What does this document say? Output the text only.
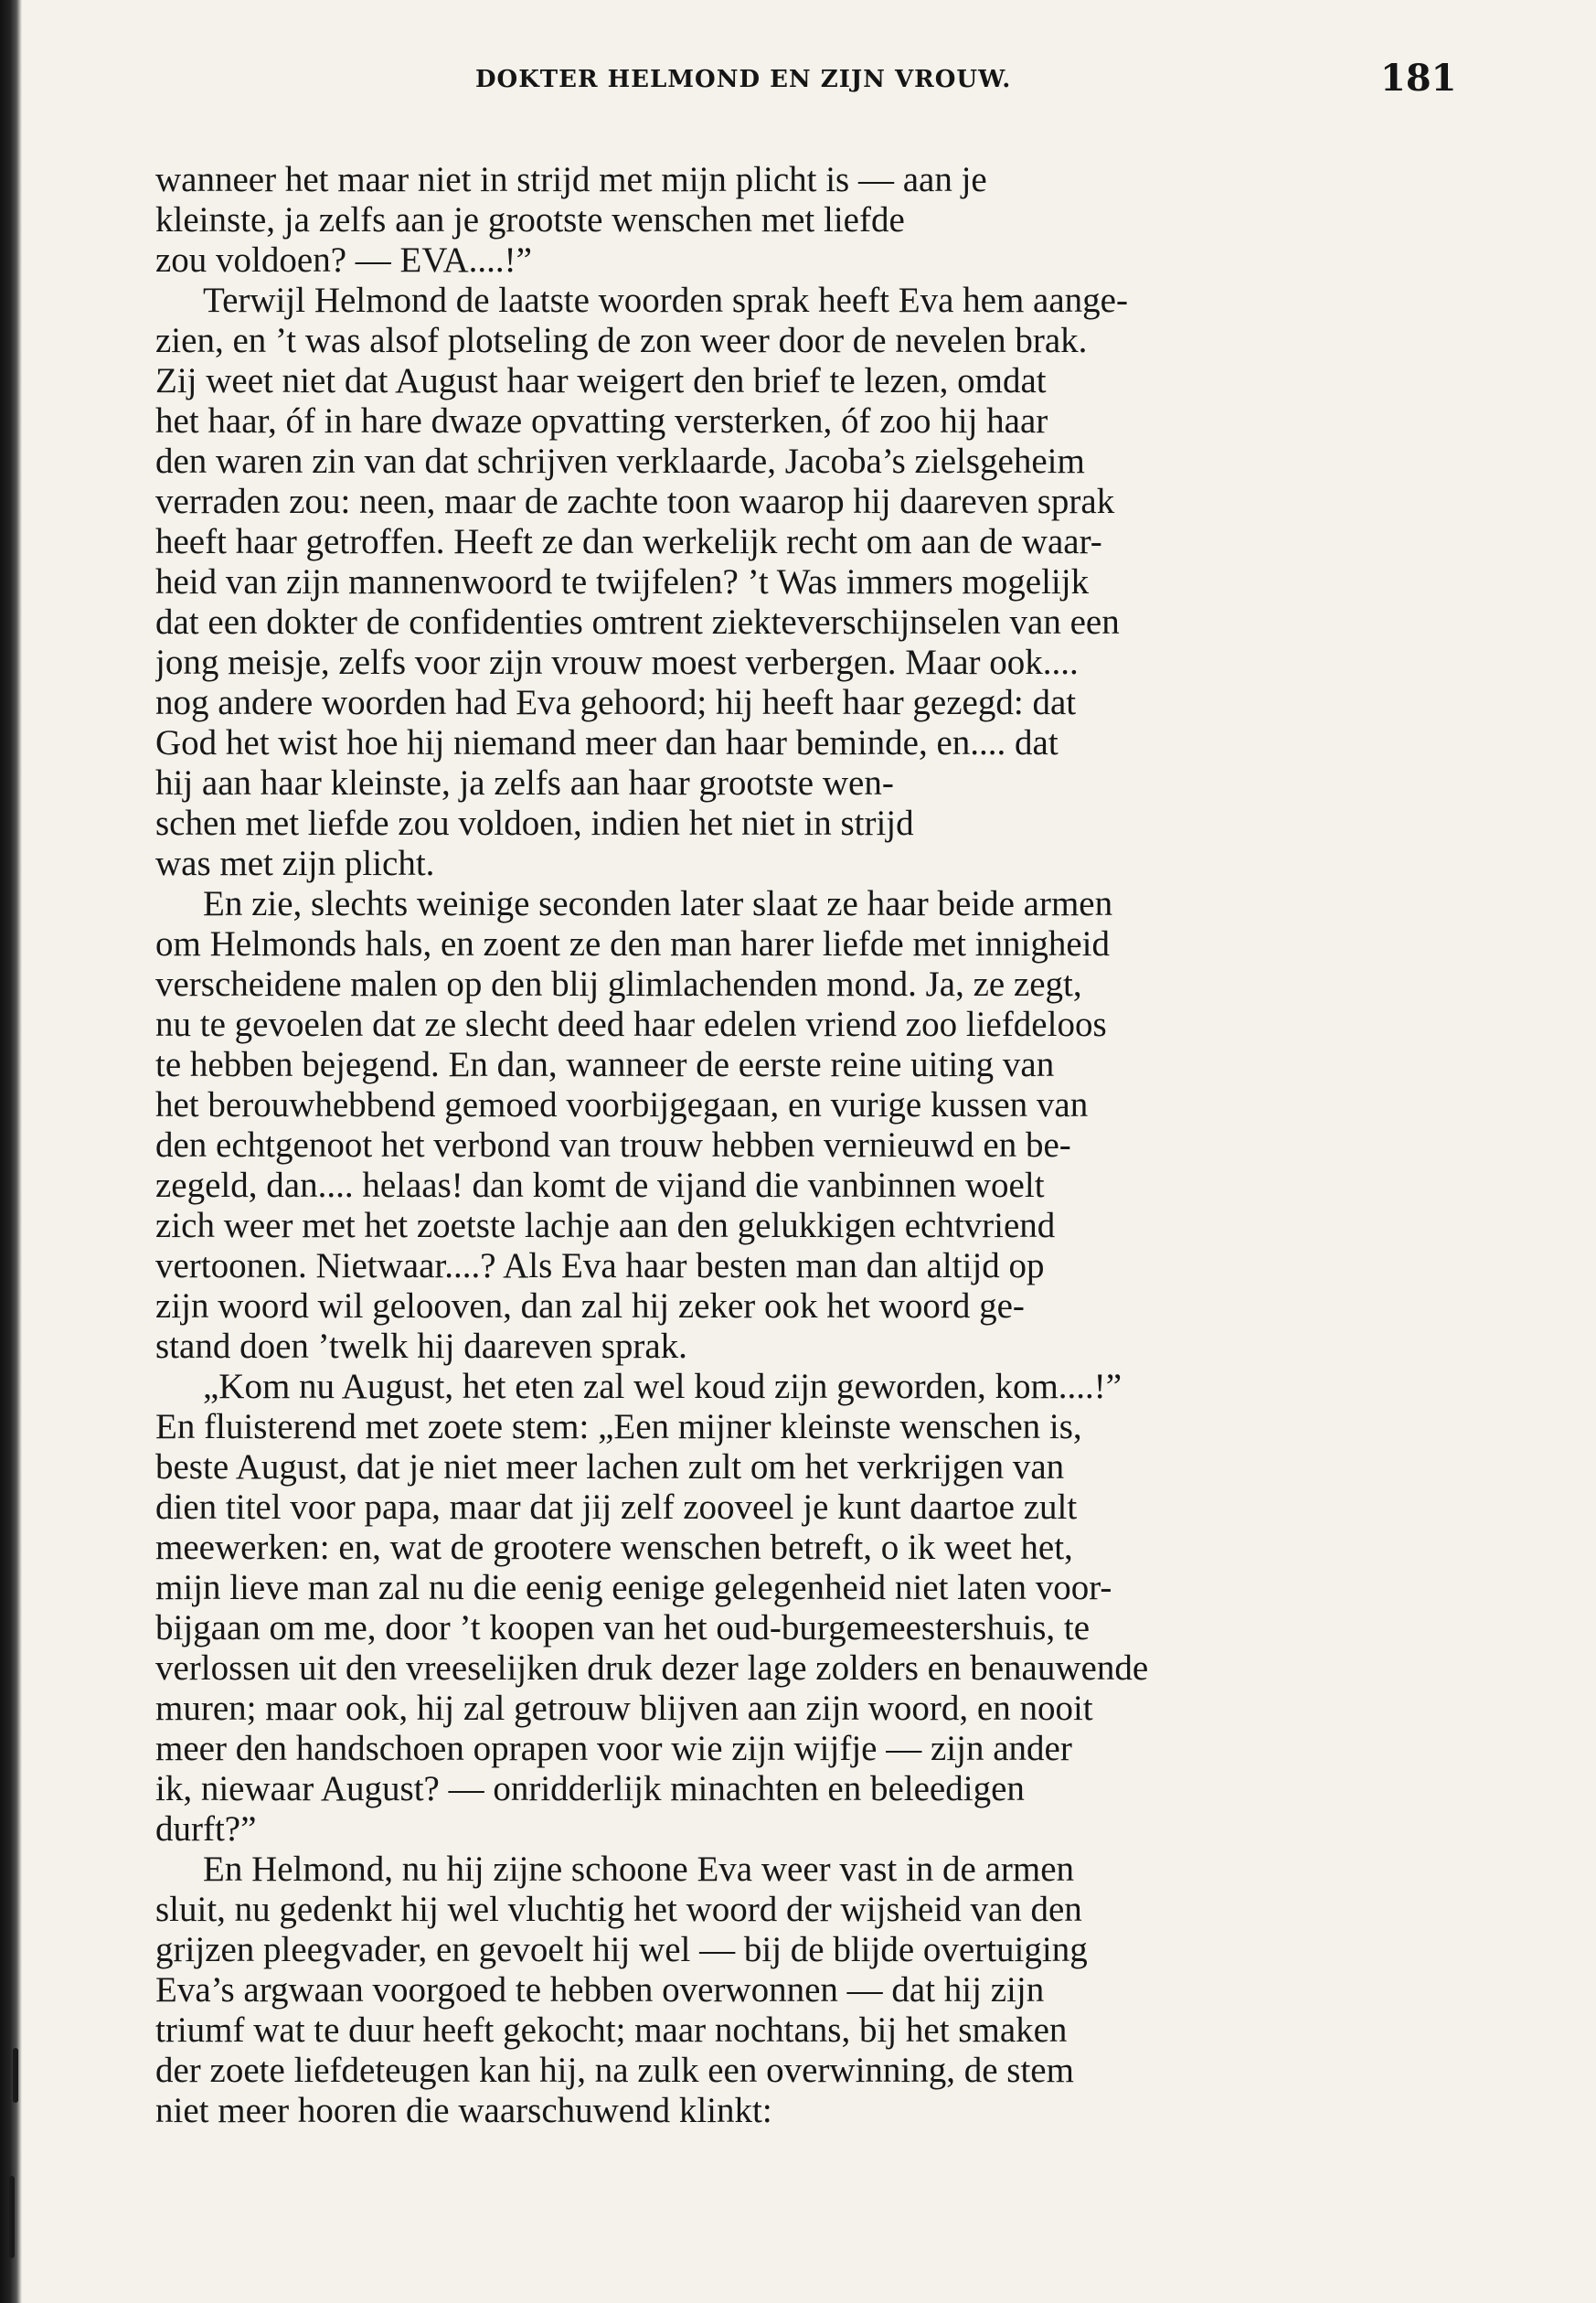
DOKTER HELMOND EN ZIJN VROUW.	181
wanneer het maar niet in strijd met mijn plicht is — aan je
kleinste, ja zelfs aan je grootste wenschen met liefde
zou voldoen? — EVA....!”
Terwijl Helmond de laatste woorden sprak heeft Eva hem aange-
zien, en ’t was alsof plotseling de zon weer door de nevelen brak.
Zij weet niet dat August haar weigert den brief te lezen, omdat
het haar, óf in hare dwaze opvatting versterken, óf zoo hij haar
den waren zin van dat schrijven verklaarde, Jacoba’s zielsgeheim
verraden zou: neen, maar de zachte toon waarop hij daareven sprak
heeft haar getroffen. Heeft ze dan werkelijk recht om aan de waar-
heid van zijn mannenwoord te twijfelen? ’t Was immers mogelijk
dat een dokter de confidenties omtrent ziekteverschijnselen van een
jong meisje, zelfs voor zijn vrouw moest verbergen. Maar ook....
nog andere woorden had Eva gehoord; hij heeft haar gezegd: dat
God het wist hoe hij niemand meer dan haar beminde, en.... dat
hij aan haar kleinste, ja zelfs aan haar grootste wen-
schen met liefde zou voldoen, indien het niet in strijd
was met zijn plicht.
En zie, slechts weinige seconden later slaat ze haar beide armen
om Helmonds hals, en zoent ze den man harer liefde met innigheid
verscheidene malen op den blij glimlachenden mond. Ja, ze zegt,
nu te gevoelen dat ze slecht deed haar edelen vriend zoo liefdeloos
te hebben bejegend. En dan, wanneer de eerste reine uiting van
het berouwhebbend gemoed voorbijgegaan, en vurige kussen van
den echtgenoot het verbond van trouw hebben vernieuwd en be-
zegeld, dan.... helaas! dan komt de vijand die vanbinnen woelt
zich weer met het zoetste lachje aan den gelukkigen echtvriend
vertoonen. Nietwaar....? Als Eva haar besten man dan altijd op
zijn woord wil gelooven, dan zal hij zeker ook het woord ge-
stand doen ’twelk hij daareven sprak.
„Kom nu August, het eten zal wel koud zijn geworden, kom....!”
En fluisterend met zoete stem: „Een mijner kleinste wenschen is,
beste August, dat je niet meer lachen zult om het verkrijgen van
dien titel voor papa, maar dat jij zelf zooveel je kunt daartoe zult
meewerken: en, wat de grootere wenschen betreft, o ik weet het,
mijn lieve man zal nu die eenig eenige gelegenheid niet laten voor-
bijgaan om me, door ’t koopen van het oud-burgemeestershuis, te
verlossen uit den vreeselijken druk dezer lage zolders en benauwende
muren; maar ook, hij zal getrouw blijven aan zijn woord, en nooit
meer den handschoen oprapen voor wie zijn wijfje — zijn ander
ik, niewaar August? — onridderlijk minachten en beleedigen
durft?”
En Helmond, nu hij zijne schoone Eva weer vast in de armen
sluit, nu gedenkt hij wel vluchtig het woord der wijsheid van den
grijzen pleegvader, en gevoelt hij wel — bij de blijde overtuiging
Eva’s argwaan voorgoed te hebben overwonnen — dat hij zijn
triumf wat te duur heeft gekocht; maar nochtans, bij het smaken
der zoete liefdeteugen kan hij, na zulk een overwinning, de stem
niet meer hooren die waarschuwend klinkt:
